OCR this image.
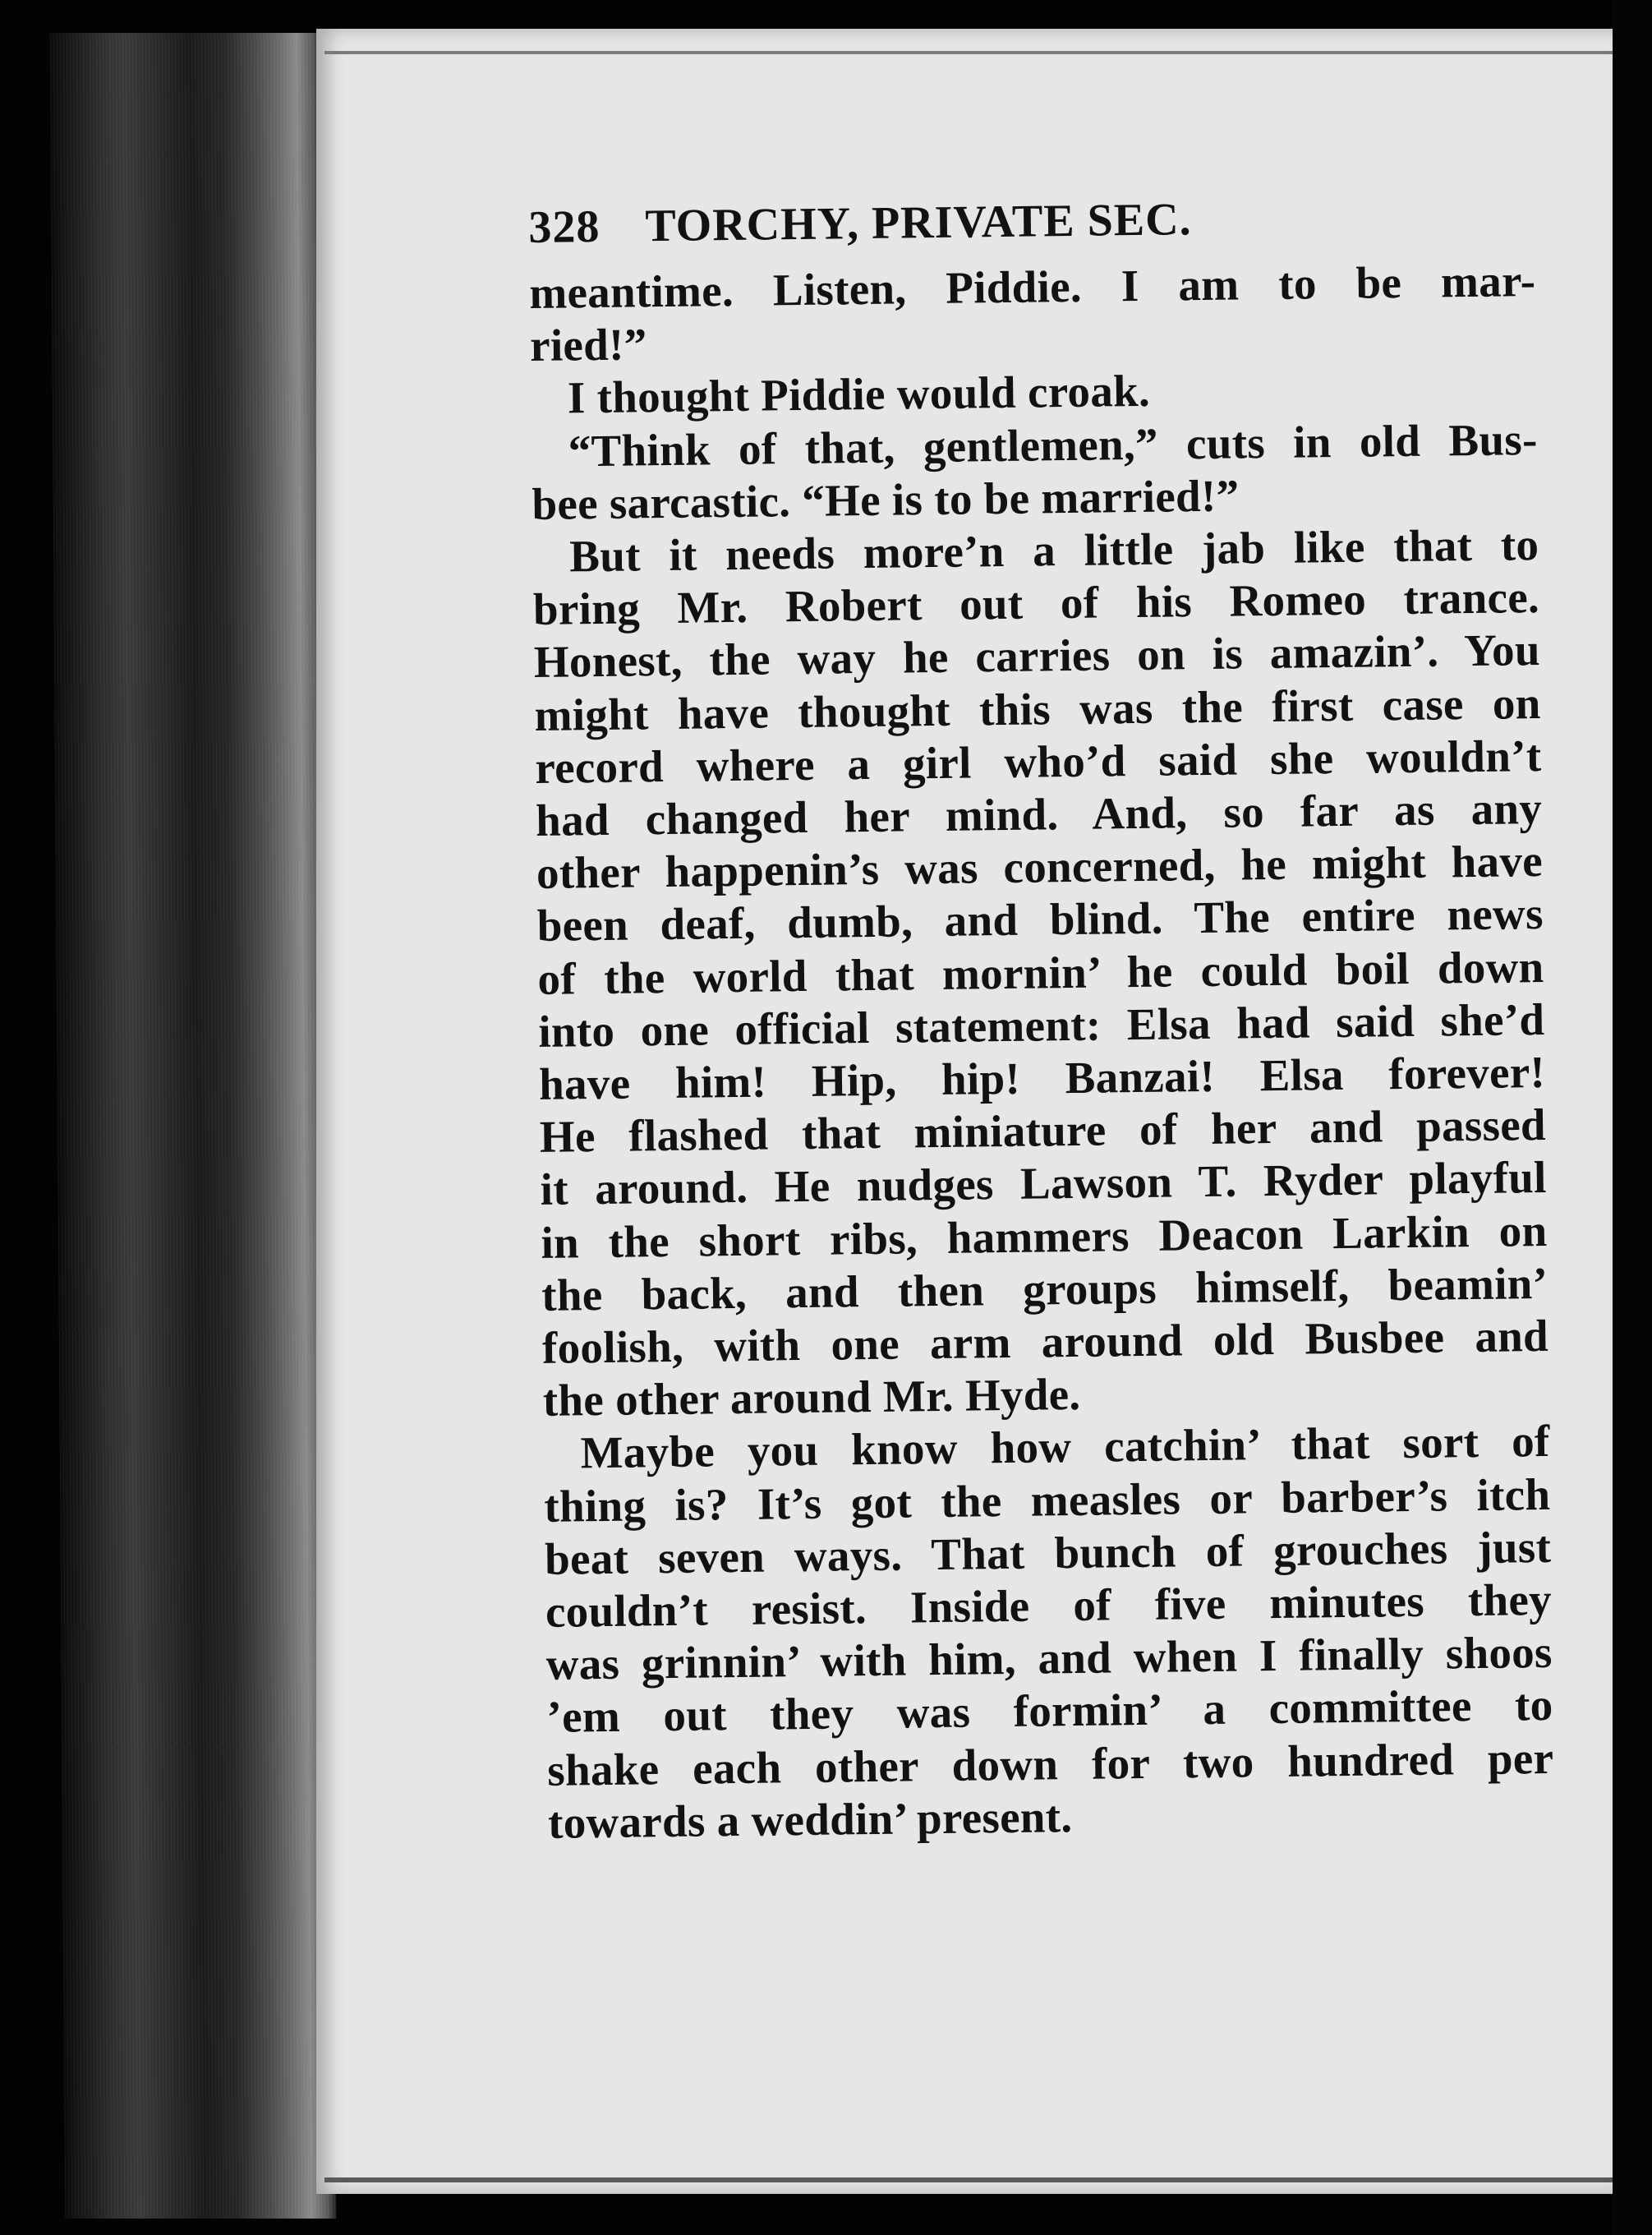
328 TORCHY, PRIVATE SEC.
meantime. Listen, Piddie. I am to be mar-
ried!”
I thought Piddie would croak.
“Think of that, gentlemen,” cuts in old Bus-
bee sarcastic. “He is to be married!”
But it needs more’n a little jab like that to
bring Mr. Robert out of his Romeo trance.
Honest, the way he carries on is amazin’. You
might have thought this was the first case on
record where a girl who’d said she wouldn’t
had changed her mind. And, so far as any
other happenin’s was concerned, he might have
been deaf, dumb, and blind. The entire news
of the world that mornin’ he could boil down
into one official statement: Elsa had said she’d
have him! Hip, hip! Banzai! Elsa forever!
He flashed that miniature of her and passed
it around. He nudges Lawson T. Ryder playful
in the short ribs, hammers Deacon Larkin on
the back, and then groups himself, beamin’
foolish, with one arm around old Busbee and
the other around Mr. Hyde.
Maybe you know how catchin’ that sort of
thing is? It’s got the measles or barber’s itch
beat seven ways. That bunch of grouches just
couldn’t resist. Inside of five minutes they
was grinnin’ with him, and when I finally shoos
’em out they was formin’ a committee to
shake each other down for two hundred per
towards a weddin’ present.
